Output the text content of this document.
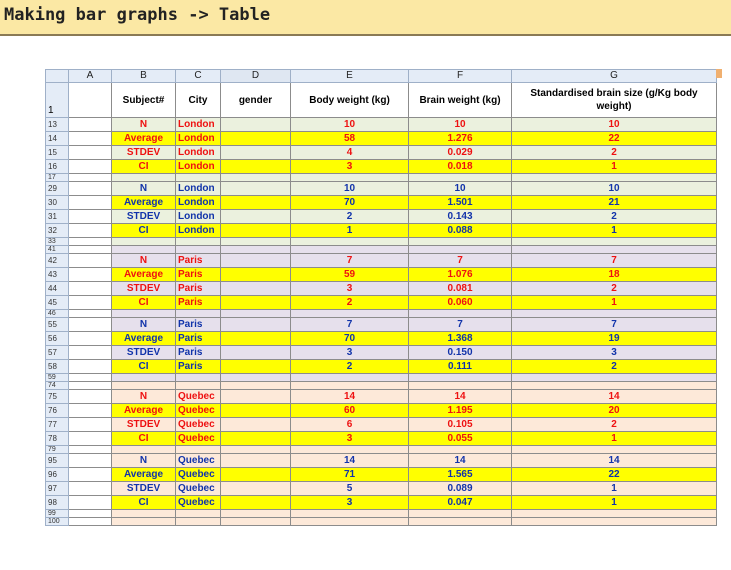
Making bar graphs -> Table
	A	B	C	D	E	F	G
1		Subject#	City	gender	Body weight (kg)	Brain weight (kg)	Standardised brain size (g/Kg body weight)
13		N	London		10	10	10
14		Average	London		58	1.276	22
15		STDEV	London		4	0.029	2
16		CI	London		3	0.018	1
17							
29		N	London		10	10	10
30		Average	London		70	1.501	21
31		STDEV	London		2	0.143	2
32		CI	London		1	0.088	1
33							
41							
42		N	Paris		7	7	7
43		Average	Paris		59	1.076	18
44		STDEV	Paris		3	0.081	2
45		CI	Paris		2	0.060	1
46							
55		N	Paris		7	7	7
56		Average	Paris		70	1.368	19
57		STDEV	Paris		3	0.150	3
58		CI	Paris		2	0.111	2
59							
74							
75		N	Quebec		14	14	14
76		Average	Quebec		60	1.195	20
77		STDEV	Quebec		6	0.105	2
78		CI	Quebec		3	0.055	1
79							
95		N	Quebec		14	14	14
96		Average	Quebec		71	1.565	22
97		STDEV	Quebec		5	0.089	1
98		CI	Quebec		3	0.047	1
99							
100							
